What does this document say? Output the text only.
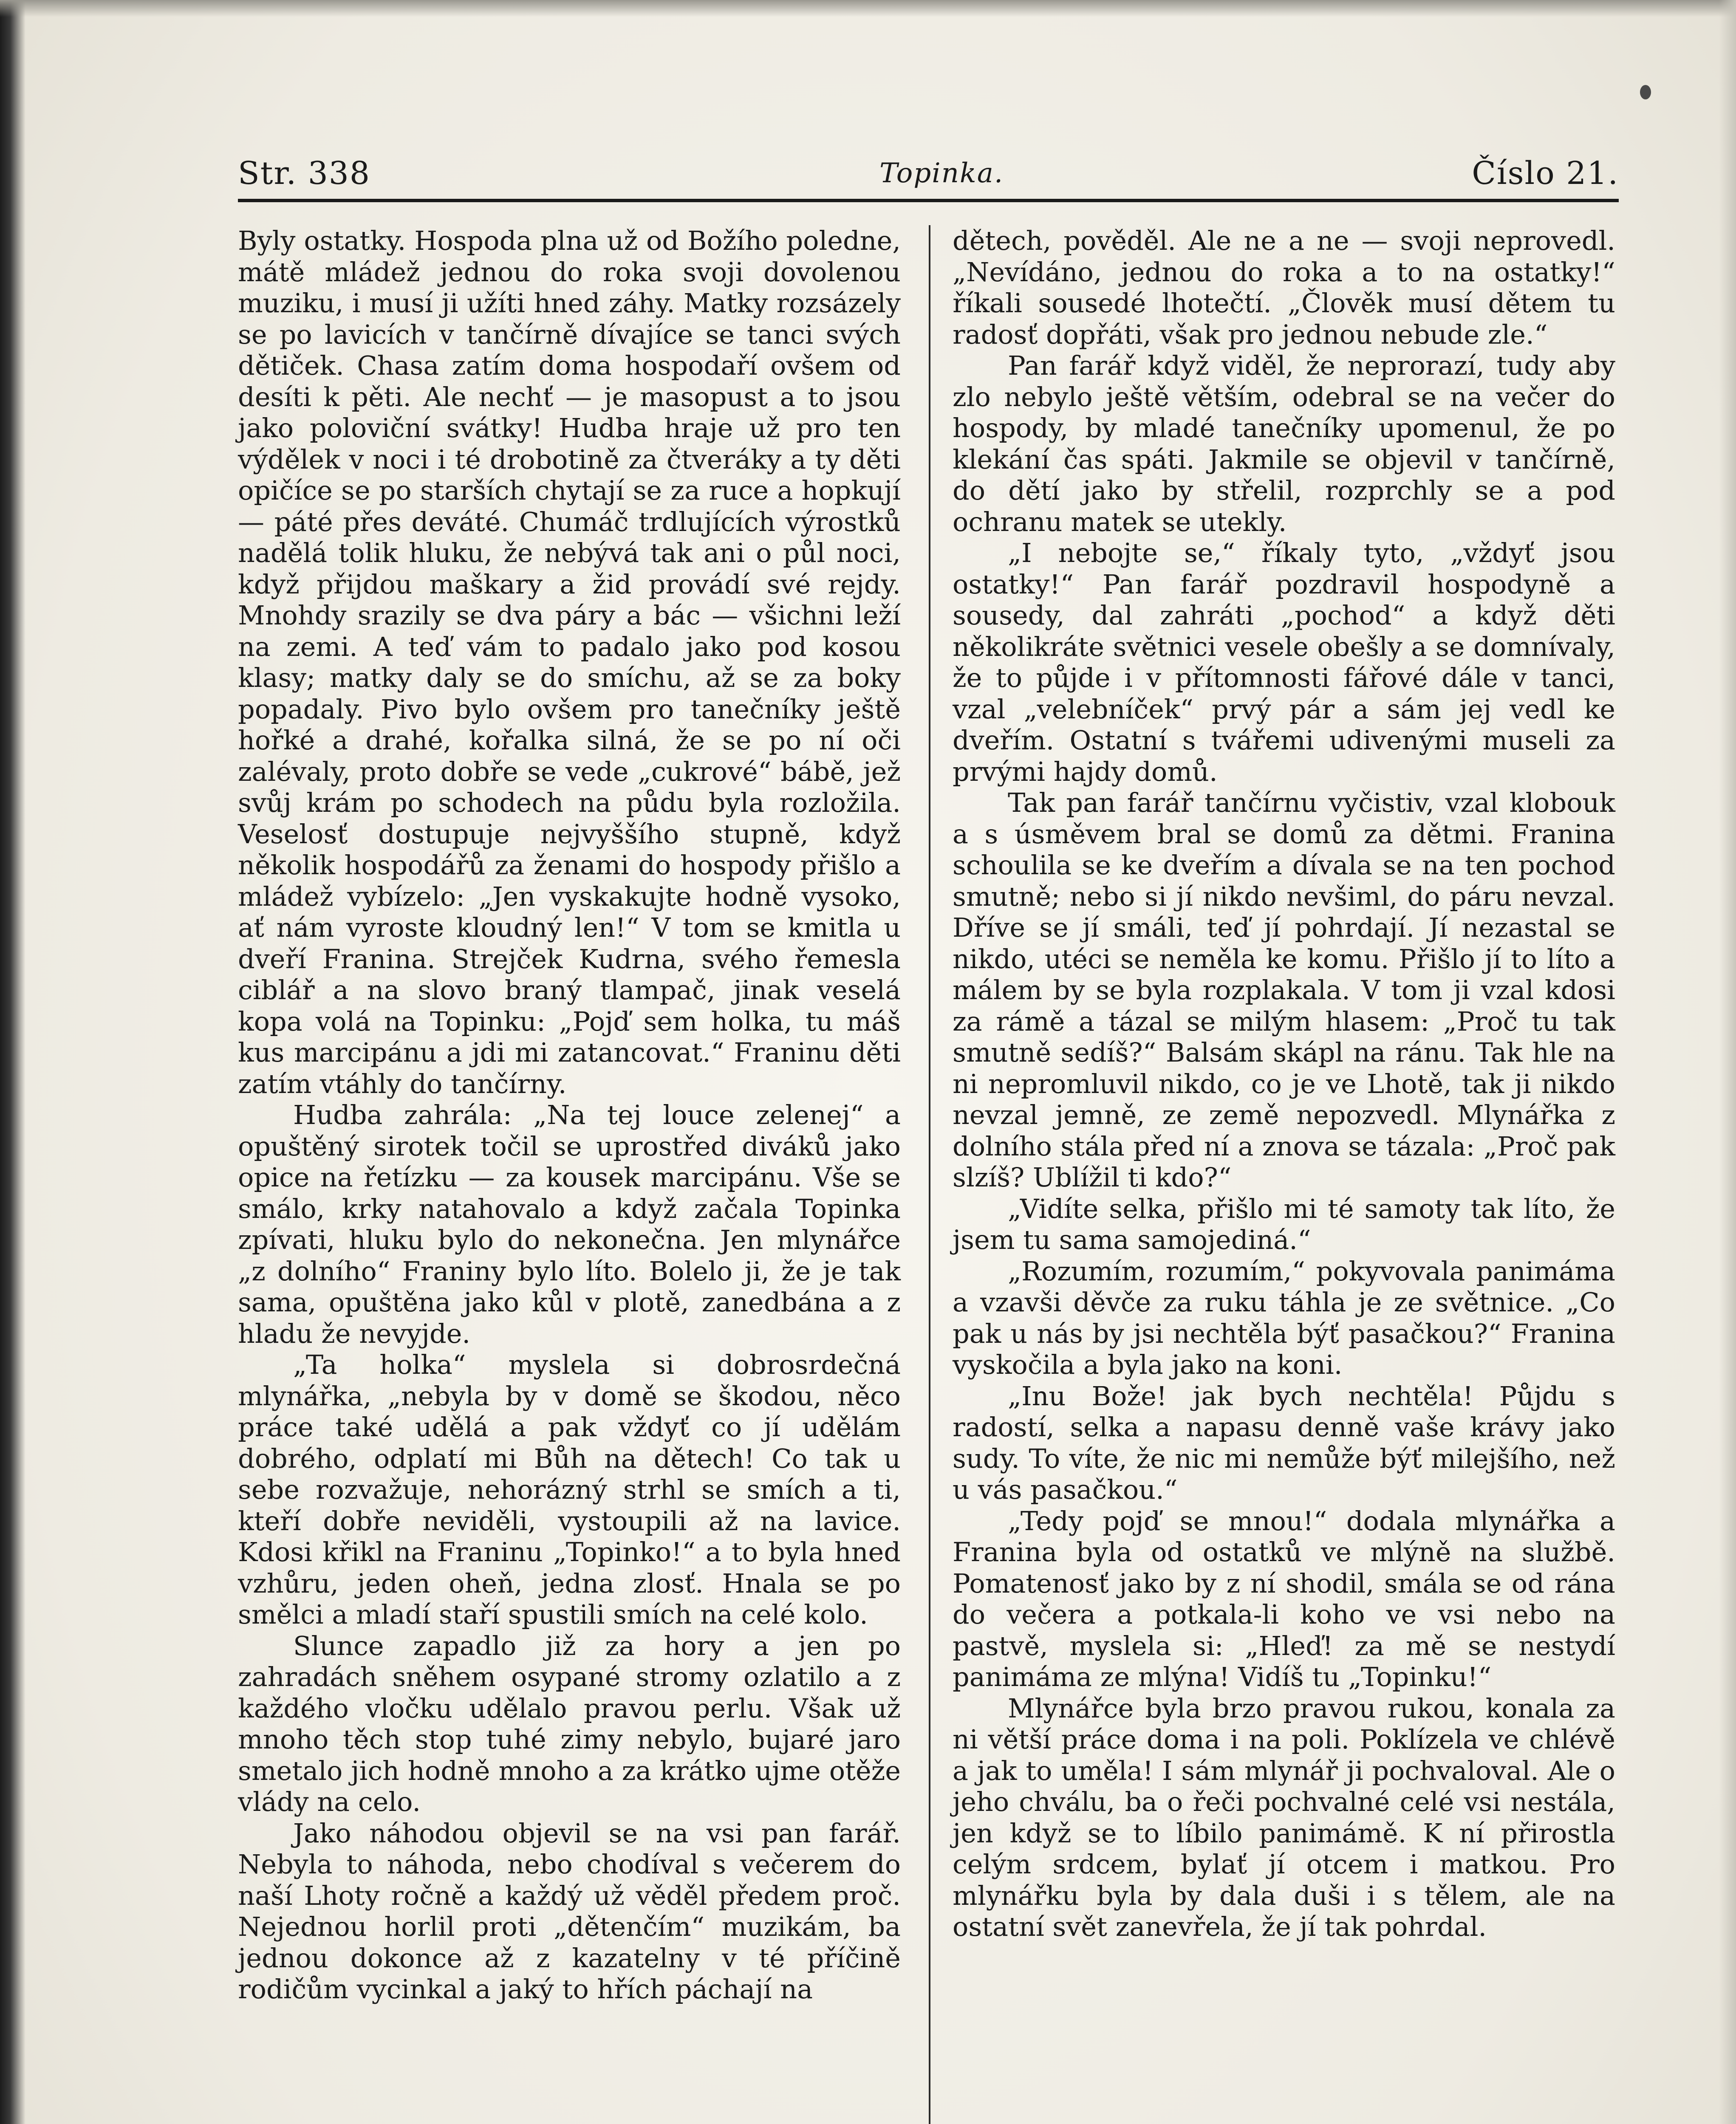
Str. 338	Topinka.	Číslo 21.

Byly ostatky. Hospoda plna už od Božího poledne, mátě mládež jednou do roka svoji dovolenou muziku, i musí ji užíti hned záhy. Matky rozsázely se po lavicích v tančírně dívajíce se tanci svých dětiček. Chasa zatím doma hospodaří ovšem od desíti k pěti. Ale nechť — je masopust a to jsou jako poloviční svátky! Hudba hraje už pro ten výdělek v noci i té drobotině za čtveráky a ty děti opičíce se po starších chytají se za ruce a hopkují — páté přes deváté. Chumáč trdlujících výrostků nadělá tolik hluku, že nebývá tak ani o půl noci, když přijdou maškary a žid provádí své rejdy. Mnohdy srazily se dva páry a bác — všichni leží na zemi. A teď vám to padalo jako pod kosou klasy; matky daly se do smíchu, až se za boky popadaly. Pivo bylo ovšem pro tanečníky ještě hořké a drahé, kořalka silná, že se po ní oči zalévaly, proto dobře se vede „cukrové“ bábě, jež svůj krám po schodech na půdu byla rozložila. Veselosť dostupuje nejvyššího stupně, když několik hospodářů za ženami do hospody přišlo a mládež vybízelo: „Jen vyskakujte hodně vysoko, ať nám vyroste kloudný len!“ V tom se kmitla u dveří Franina. Strejček Kudrna, svého řemesla ciblář a na slovo braný tlampač, jinak veselá kopa volá na Topinku: „Pojď sem holka, tu máš kus marcipánu a jdi mi zatancovat.“ Franinu děti zatím vtáhly do tančírny.

Hudba zahrála: „Na tej louce zelenej“ a opuštěný sirotek točil se uprostřed diváků jako opice na řetízku — za kousek marcipánu. Vše se smálo, krky natahovalo a když začala Topinka zpívati, hluku bylo do nekonečna. Jen mlynářce „z dolního“ Franiny bylo líto. Bolelo ji, že je tak sama, opuštěna jako kůl v plotě, zanedbána a z hladu že nevyjde.

„Ta holka“ myslela si dobrosrdečná mlynářka, „nebyla by v domě se škodou, něco práce také udělá a pak vždyť co jí udělám dobrého, odplatí mi Bůh na dětech! Co tak u sebe rozvažuje, nehorázný strhl se smích a ti, kteří dobře neviděli, vystoupili až na lavice. Kdosi křikl na Franinu „Topinko!“ a to byla hned vzhůru, jeden oheň, jedna zlosť. Hnala se po smělci a mladí staří spustili smích na celé kolo.

Slunce zapadlo již za hory a jen po zahradách sněhem osypané stromy ozlatilo a z každého vločku udělalo pravou perlu. Však už mnoho těch stop tuhé zimy nebylo, bujaré jaro smetalo jich hodně mnoho a za krátko ujme otěže vlády na celo.

Jako náhodou objevil se na vsi pan farář. Nebyla to náhoda, nebo chodíval s večerem do naší Lhoty ročně a každý už věděl předem proč. Nejednou horlil proti „dětenčím“ muzikám, ba jednou dokonce až z kazatelny v té příčině rodičům vycinkal a jaký to hřích páchají na

dětech, pověděl. Ale ne a ne — svoji neprovedl. „Nevídáno, jednou do roka a to na ostatky!“ říkali sousedé lhotečtí. „Člověk musí dětem tu radosť dopřáti, však pro jednou nebude zle.“

Pan farář když viděl, že neprorazí, tudy aby zlo nebylo ještě větším, odebral se na večer do hospody, by mladé tanečníky upomenul, že po klekání čas spáti. Jakmile se objevil v tančírně, do dětí jako by střelil, rozprchly se a pod ochranu matek se utekly.

„I nebojte se,“ říkaly tyto, „vždyť jsou ostatky!“ Pan farář pozdravil hospodyně a sousedy, dal zahráti „pochod“ a když děti několikráte světnici vesele obešly a se domnívaly, že to půjde i v přítomnosti fářové dále v tanci, vzal „velebníček“ prvý pár a sám jej vedl ke dveřím. Ostatní s tvářemi udivenými museli za prvými hajdy domů.

Tak pan farář tančírnu vyčistiv, vzal klobouk a s úsměvem bral se domů za dětmi. Franina schoulila se ke dveřím a dívala se na ten pochod smutně; nebo si jí nikdo nevšiml, do páru nevzal. Dříve se jí smáli, teď jí pohrdají. Jí nezastal se nikdo, utéci se neměla ke komu. Přišlo jí to líto a málem by se byla rozplakala. V tom ji vzal kdosi za rámě a tázal se milým hlasem: „Proč tu tak smutně sedíš?“ Balsám skápl na ránu. Tak hle na ni nepromluvil nikdo, co je ve Lhotě, tak ji nikdo nevzal jemně, ze země nepozvedl. Mlynářka z dolního stála před ní a znova se tázala: „Proč pak slzíš? Ublížil ti kdo?“

„Vidíte selka, přišlo mi té samoty tak líto, že jsem tu sama samojediná.“

„Rozumím, rozumím,“ pokyvovala panimáma a vzavši děvče za ruku táhla je ze světnice. „Co pak u nás by jsi nechtěla býť pasačkou?“ Franina vyskočila a byla jako na koni.

„Inu Bože! jak bych nechtěla! Půjdu s radostí, selka a napasu denně vaše krávy jako sudy. To víte, že nic mi nemůže býť milejšího, než u vás pasačkou.“

„Tedy pojď se mnou!“ dodala mlynářka a Franina byla od ostatků ve mlýně na službě. Pomatenosť jako by z ní shodil, smála se od rána do večera a potkala-li koho ve vsi nebo na pastvě, myslela si: „Hleď! za mě se nestydí panimáma ze mlýna! Vidíš tu „Topinku!“

Mlynářce byla brzo pravou rukou, konala za ni větší práce doma i na poli. Poklízela ve chlévě a jak to uměla! I sám mlynář ji pochvaloval. Ale o jeho chválu, ba o řeči pochvalné celé vsi nestála, jen když se to líbilo panimámě. K ní přirostla celým srdcem, bylať jí otcem i matkou. Pro mlynářku byla by dala duši i s tělem, ale na ostatní svět zanevřela, že jí tak pohrdal.
